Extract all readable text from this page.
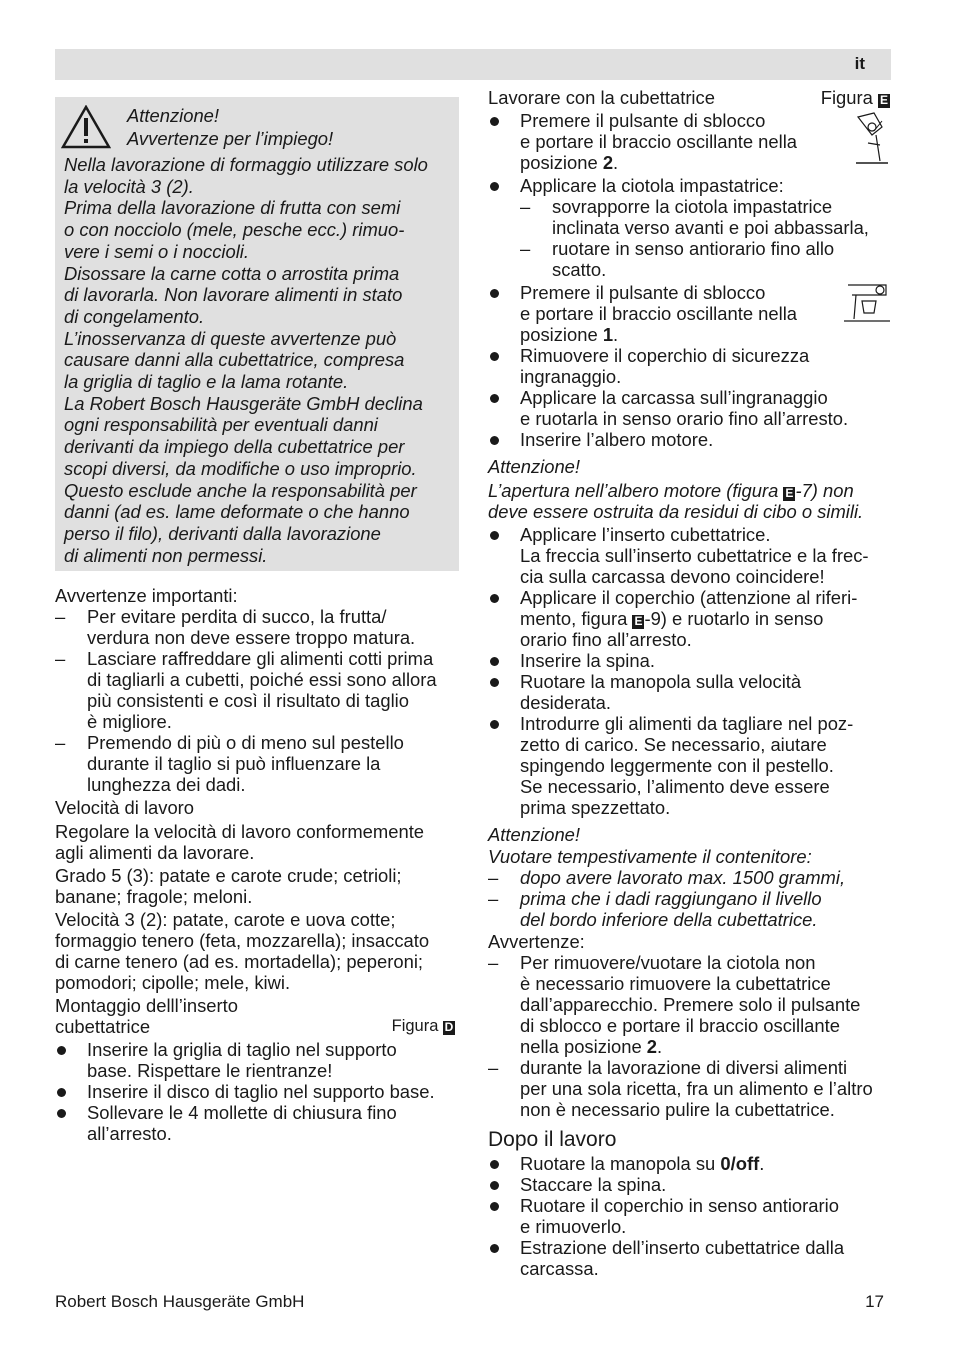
it
Attenzione!
Avvertenze per l’impiego!
Nella lavorazione di formaggio utilizzare solo
la velocità 3 (2).
Prima della lavorazione di frutta con semi
o con nocciolo (mele, pesche ecc.) rimuo-
vere i semi o i noccioli.
Disossare la carne cotta o arrostita prima
di lavorarla. Non lavorare alimenti in stato
di congelamento.
L’inosservanza di queste avvertenze può
causare danni alla cubettatrice, compresa
la griglia di taglio e la lama rotante.
La Robert Bosch Hausgeräte GmbH declina
ogni responsabilità per eventuali danni
derivanti da impiego della cubettatrice per
scopi diversi, da modifiche o uso improprio.
Questo esclude anche la responsabilità per
danni (ad es. lame deformate o che hanno
perso il filo), derivanti dalla lavorazione
di alimenti non permessi.
Avvertenze importanti:
– Per evitare perdita di succo, la frutta/
verdura non deve essere troppo matura.
– Lasciare raffreddare gli alimenti cotti prima
di tagliarli a cubetti, poiché essi sono allora
più consistenti e così il risultato di taglio
è migliore.
– Premendo di più o di meno sul pestello
durante il taglio si può influenzare la
lunghezza dei dadi.
Velocità di lavoro
Regolare la velocità di lavoro conformemente
agli alimenti da lavorare.
Grado 5 (3): patate e carote crude; cetrioli;
banane; fragole; meloni.
Velocità 3 (2): patate, carote e uova cotte;
formaggio tenero (feta, mozzarella); insaccato
di carne tenero (ad es. mortadella); peperoni;
pomodori; cipolle; mele, kiwi.
Montaggio delll’inserto
cubettatrice	Figura D
Inserire la griglia di taglio nel supporto
base. Rispettare le rientranze!
Inserire il disco di taglio nel supporto base.
Sollevare le 4 mollette di chiusura fino
all’arresto.
Lavorare con la cubettatrice	Figura E
Premere il pulsante di sblocco
e portare il braccio oscillante nella
posizione 2.
Applicare la ciotola impastatrice:
– sovrapporre la ciotola impastatrice
inclinata verso avanti e poi abbassarla,
– ruotare in senso antiorario fino allo
scatto.
Premere il pulsante di sblocco
e portare il braccio oscillante nella
posizione 1.
Rimuovere il coperchio di sicurezza
ingranaggio.
Applicare la carcassa sull’ingranaggio
e ruotarla in senso orario fino all’arresto.
Inserire l’albero motore.
Attenzione!
L’apertura nell’albero motore (figura E -7) non
deve essere ostruita da residui di cibo o simili.
Applicare l’inserto cubettatrice.
La freccia sull’inserto cubettatrice e la frec-
cia sulla carcassa devono coincidere!
Applicare il coperchio (attenzione al riferi-
mento, figura E -9) e ruotarlo in senso
orario fino all’arresto.
Inserire la spina.
Ruotare la manopola sulla velocità
desiderata.
Introdurre gli alimenti da tagliare nel poz-
zetto di carico. Se necessario, aiutare
spingendo leggermente con il pestello.
Se necessario, l’alimento deve essere
prima spezzettato.
Attenzione!
Vuotare tempestivamente il contenitore:
– dopo avere lavorato max. 1500 grammi,
– prima che i dadi raggiungano il livello
del bordo inferiore della cubettatrice.
Avvertenze:
– Per rimuovere/vuotare la ciotola non
è necessario rimuovere la cubettatrice
dall’apparecchio. Premere solo il pulsante
di sblocco e portare il braccio oscillante
nella posizione 2.
– durante la lavorazione di diversi alimenti
per una sola ricetta, fra un alimento e l’altro
non è necessario pulire la cubettatrice.
Dopo il lavoro
Ruotare la manopola su 0/off.
Staccare la spina.
Ruotare il coperchio in senso antiorario
e rimuoverlo.
Estrazione dell’inserto cubettatrice dalla
carcassa.
Robert Bosch Hausgeräte GmbH	17
